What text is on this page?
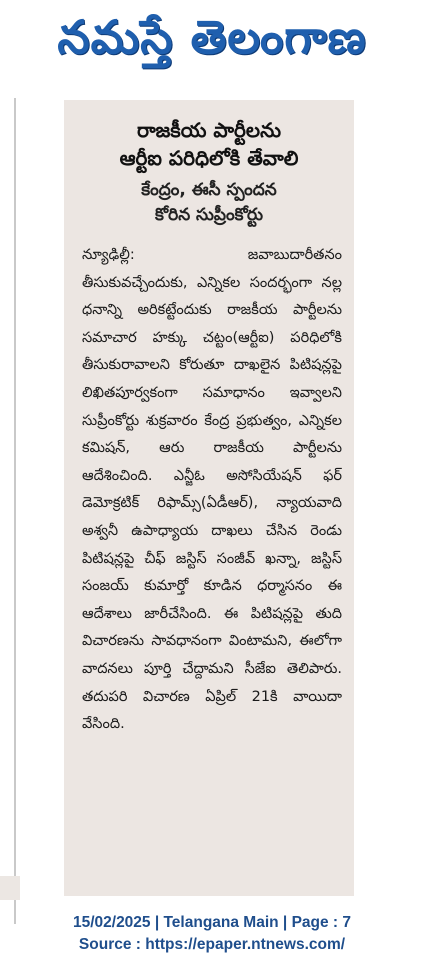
నమస్తే తెలంగాణ
రాజకీయ పార్టీలను
ఆర్టీఐ పరిధిలోకి తేవాలి
కేంద్రం, ఈసీ స్పందన
కోరిన సుప్రీంకోర్టు
న్యూఢిల్లీ: జవాబుదారీతనం తీసుకువచ్చేందుకు, ఎన్నికల సందర్భంగా నల్ల ధనాన్ని అరికట్టేందుకు రాజకీయ పార్టీలను సమాచార హక్కు చట్టం(ఆర్టీఐ) పరిధిలోకి తీసుకురావాలని కోరుతూ దాఖలైన పిటిషన్లపై లిఖితపూర్వకంగా సమాధానం ఇవ్వాలని సుప్రీంకోర్టు శుక్రవారం కేంద్ర ప్రభుత్వం, ఎన్నికల కమిషన్, ఆరు రాజకీయ పార్టీలను ఆదేశించింది. ఎన్జీఓ అసోసియేషన్ ఫర్ డెమోక్రటిక్ రిఫామ్స్(ఏడీఆర్), న్యాయవాది అశ్వనీ ఉపాధ్యాయ దాఖలు చేసిన రెండు పిటిషన్లపై చీఫ్ జస్టిస్ సంజీవ్ ఖన్నా, జస్టిస్ సంజయ్ కుమార్తో కూడిన ధర్మాసనం ఈ ఆదేశాలు జారీచేసింది. ఈ పిటిషన్లపై తుది విచారణను సావధానంగా వింటామని, ఈలోగా వాదనలు పూర్తి చేద్దామని సీజేఐ తెలిపారు. తదుపరి విచారణ ఏప్రిల్ 21కి వాయిదా వేసింది.
15/02/2025 | Telangana Main | Page : 7
Source : https://epaper.ntnews.com/
